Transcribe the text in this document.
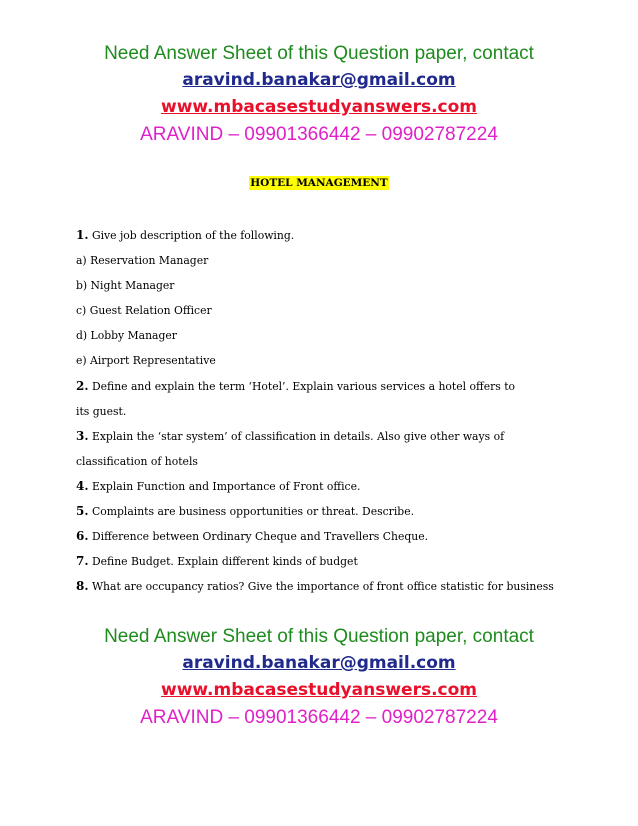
Need Answer Sheet of this Question paper, contact
aravind.banakar@gmail.com
www.mbacasestudyanswers.com
ARAVIND – 09901366442 – 09902787224
HOTEL MANAGEMENT
1. Give job description of the following.
a) Reservation Manager
b) Night Manager
c) Guest Relation Officer
d) Lobby Manager
e) Airport Representative
2. Define and explain the term ‘Hotel’. Explain various services a hotel offers to
its guest.
3. Explain the ‘star system’ of classification in details. Also give other ways of
classification of hotels
4. Explain Function and Importance of Front office.
5. Complaints are business opportunities or threat. Describe.
6. Difference between Ordinary Cheque and Travellers Cheque.
7. Define Budget. Explain different kinds of budget
8. What are occupancy ratios? Give the importance of front office statistic for business
Need Answer Sheet of this Question paper, contact
aravind.banakar@gmail.com
www.mbacasestudyanswers.com
ARAVIND – 09901366442 – 09902787224
